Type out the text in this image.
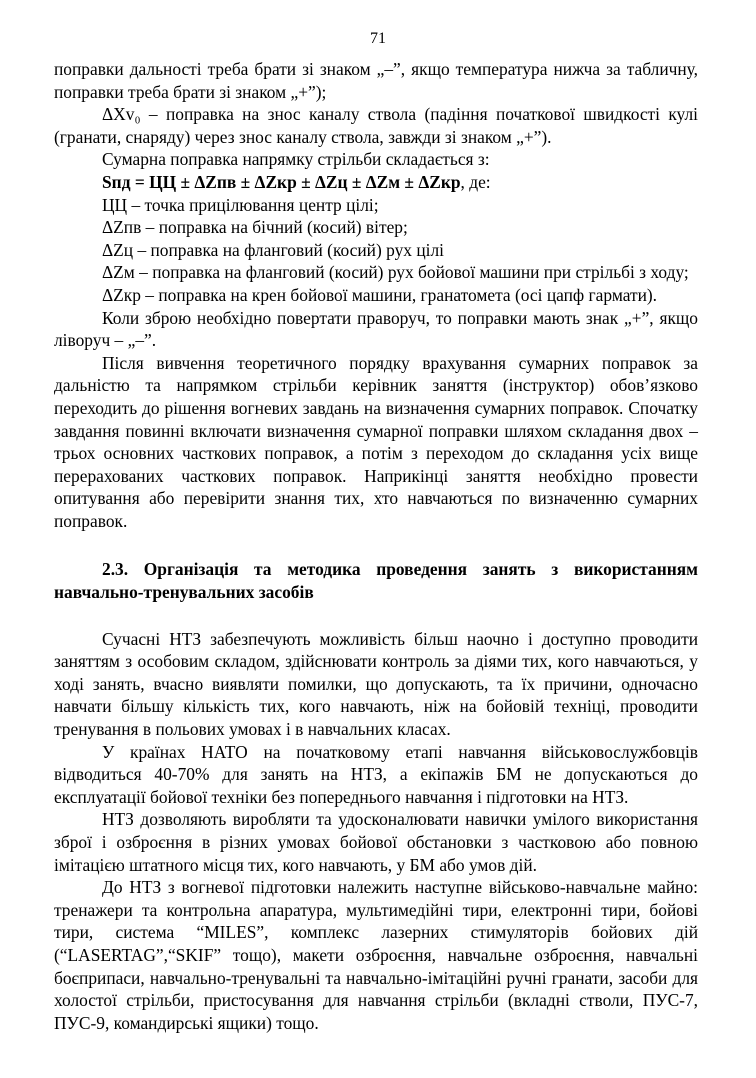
71

поправки дальності треба брати зі знаком „–”, якщо температура нижча за табличну, поправки треба брати зі знаком „+”);

ΔXv₀ – поправка на знос каналу ствола (падіння початкової швидкості кулі (гранати, снаряду) через знос каналу ствола, завжди зі знаком „+”).

Сумарна поправка напрямку стрільби складається з:

Sпд = ЦЦ ± ΔZпв ± ΔZкр ± ΔZц ± ΔZм ± ΔZкр, де:

ЦЦ – точка прицілювання центр цілі;

ΔZпв – поправка на бічний (косий) вітер;

ΔZц – поправка на фланговий (косий) рух цілі

ΔZм – поправка на фланговий (косий) рух бойової машини при стрільбі з ходу;

ΔZкр – поправка на крен бойової машини, гранатомета (осі цапф гармати).

Коли зброю необхідно повертати праворуч, то поправки мають знак „+”, якщо ліворуч – „–”.

Після вивчення теоретичного порядку врахування сумарних поправок за дальністю та напрямком стрільби керівник заняття (інструктор) обов’язково переходить до рішення вогневих завдань на визначення сумарних поправок. Спочатку завдання повинні включати визначення сумарної поправки шляхом складання двох – трьох основних часткових поправок, а потім з переходом до складання усіх вище перерахованих часткових поправок. Наприкінці заняття необхідно провести опитування або перевірити знання тих, хто навчаються по визначенню сумарних поправок.

2.3. Організація та методика проведення занять з використанням навчально-тренувальних засобів

Сучасні НТЗ забезпечують можливість більш наочно і доступно проводити заняттям з особовим складом, здійснювати контроль за діями тих, кого навчаються, у ході занять, вчасно виявляти помилки, що допускають, та їх причини, одночасно навчати більшу кількість тих, кого навчають, ніж на бойовій техніці, проводити тренування в польових умовах і в навчальних класах.

У країнах НАТО на початковому етапі навчання військовослужбовців відводиться 40-70% для занять на НТЗ, а екіпажів БМ не допускаються до експлуатації бойової техніки без попереднього навчання і підготовки на НТЗ.

НТЗ дозволяють виробляти та удосконалювати навички умілого використання зброї і озброєння в різних умовах бойової обстановки з частковою або повною імітацією штатного місця тих, кого навчають, у БМ або умов дій.

До НТЗ з вогневої підготовки належить наступне військово-навчальне майно: тренажери та контрольна апаратура, мультимедійні тири, електронні тири, бойові тири, система “MILES”, комплекс лазерних стимуляторів бойових дій (“LASERTAG”,“SKIF” тощо), макети озброєння, навчальне озброєння, навчальні боєприпаси, навчально-тренувальні та навчально-імітаційні ручні гранати, засоби для холостої стрільби, пристосування для навчання стрільби (вкладні стволи, ПУС-7, ПУС-9, командирські ящики) тощо.
